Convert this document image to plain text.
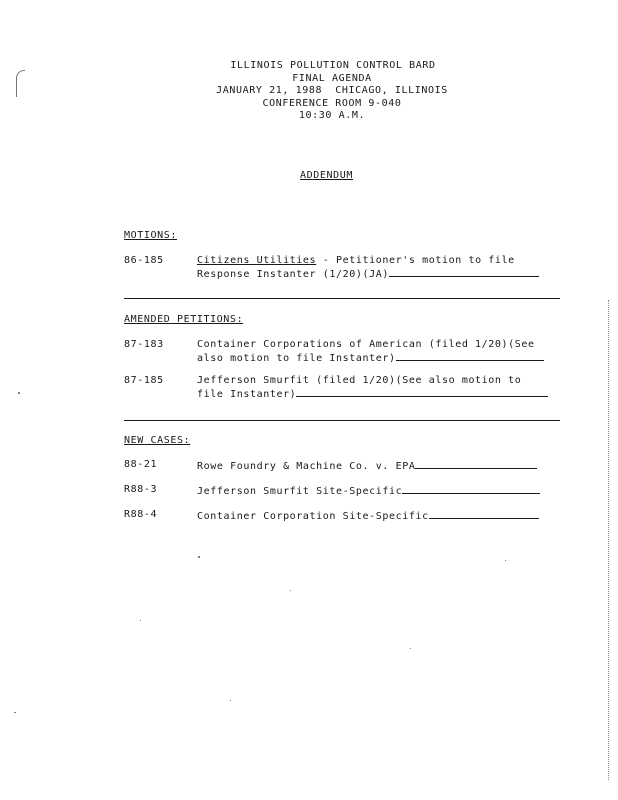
ILLINOIS POLLUTION CONTROL BARD
FINAL AGENDA
JANUARY 21, 1988  CHICAGO, ILLINOIS
CONFERENCE ROOM 9-040
10:30 A.M.
ADDENDUM
MOTIONS:
86-185	Citizens Utilities - Petitioner's motion to file
Response Instanter (1/20)(JA)
AMENDED PETITIONS:
87-183	Container Corporations of American (filed 1/20)(See
also motion to file Instanter)
87-185	Jefferson Smurfit (filed 1/20)(See also motion to
file Instanter)
NEW CASES:
88-21	Rowe Foundry & Machine Co. v. EPA
R88-3	Jefferson Smurfit Site-Specific
R88-4	Container Corporation Site-Specific
